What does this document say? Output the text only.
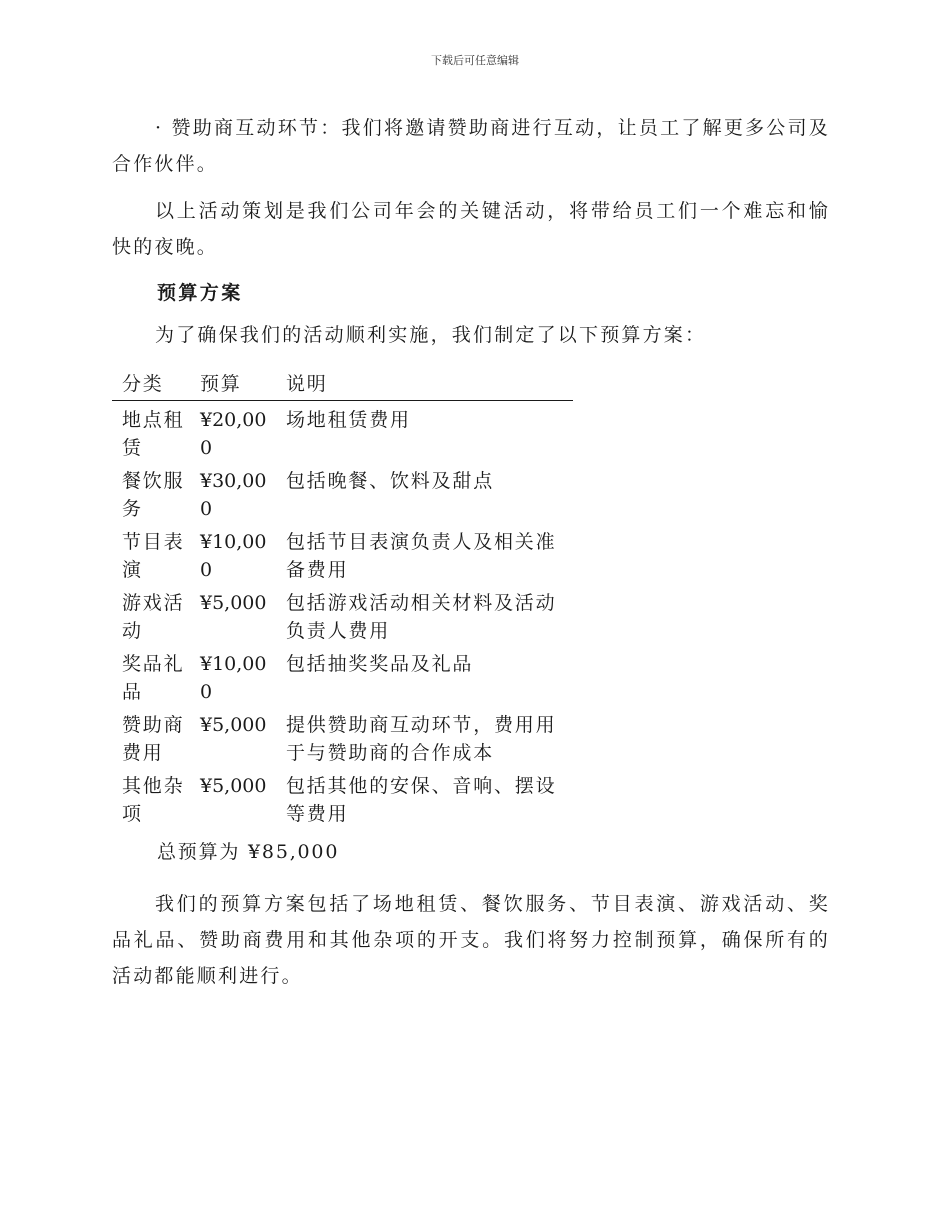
下载后可任意编辑

· 赞助商互动环节：我们将邀请赞助商进行互动，让员工了解更多公司及合作伙伴。

以上活动策划是我们公司年会的关键活动，将带给员工们一个难忘和愉快的夜晚。

预算方案

为了确保我们的活动顺利实施，我们制定了以下预算方案：

分类	预算	说明
地点租赁	¥20,000	场地租赁费用
餐饮服务	¥30,000	包括晚餐、饮料及甜点
节目表演	¥10,000	包括节目表演负责人及相关准备费用
游戏活动	¥5,000	包括游戏活动相关材料及活动负责人费用
奖品礼品	¥10,000	包括抽奖奖品及礼品
赞助商费用	¥5,000	提供赞助商互动环节，费用用于与赞助商的合作成本
其他杂项	¥5,000	包括其他的安保、音响、摆设等费用

总预算为 ¥85,000

我们的预算方案包括了场地租赁、餐饮服务、节目表演、游戏活动、奖品礼品、赞助商费用和其他杂项的开支。我们将努力控制预算，确保所有的活动都能顺利进行。
